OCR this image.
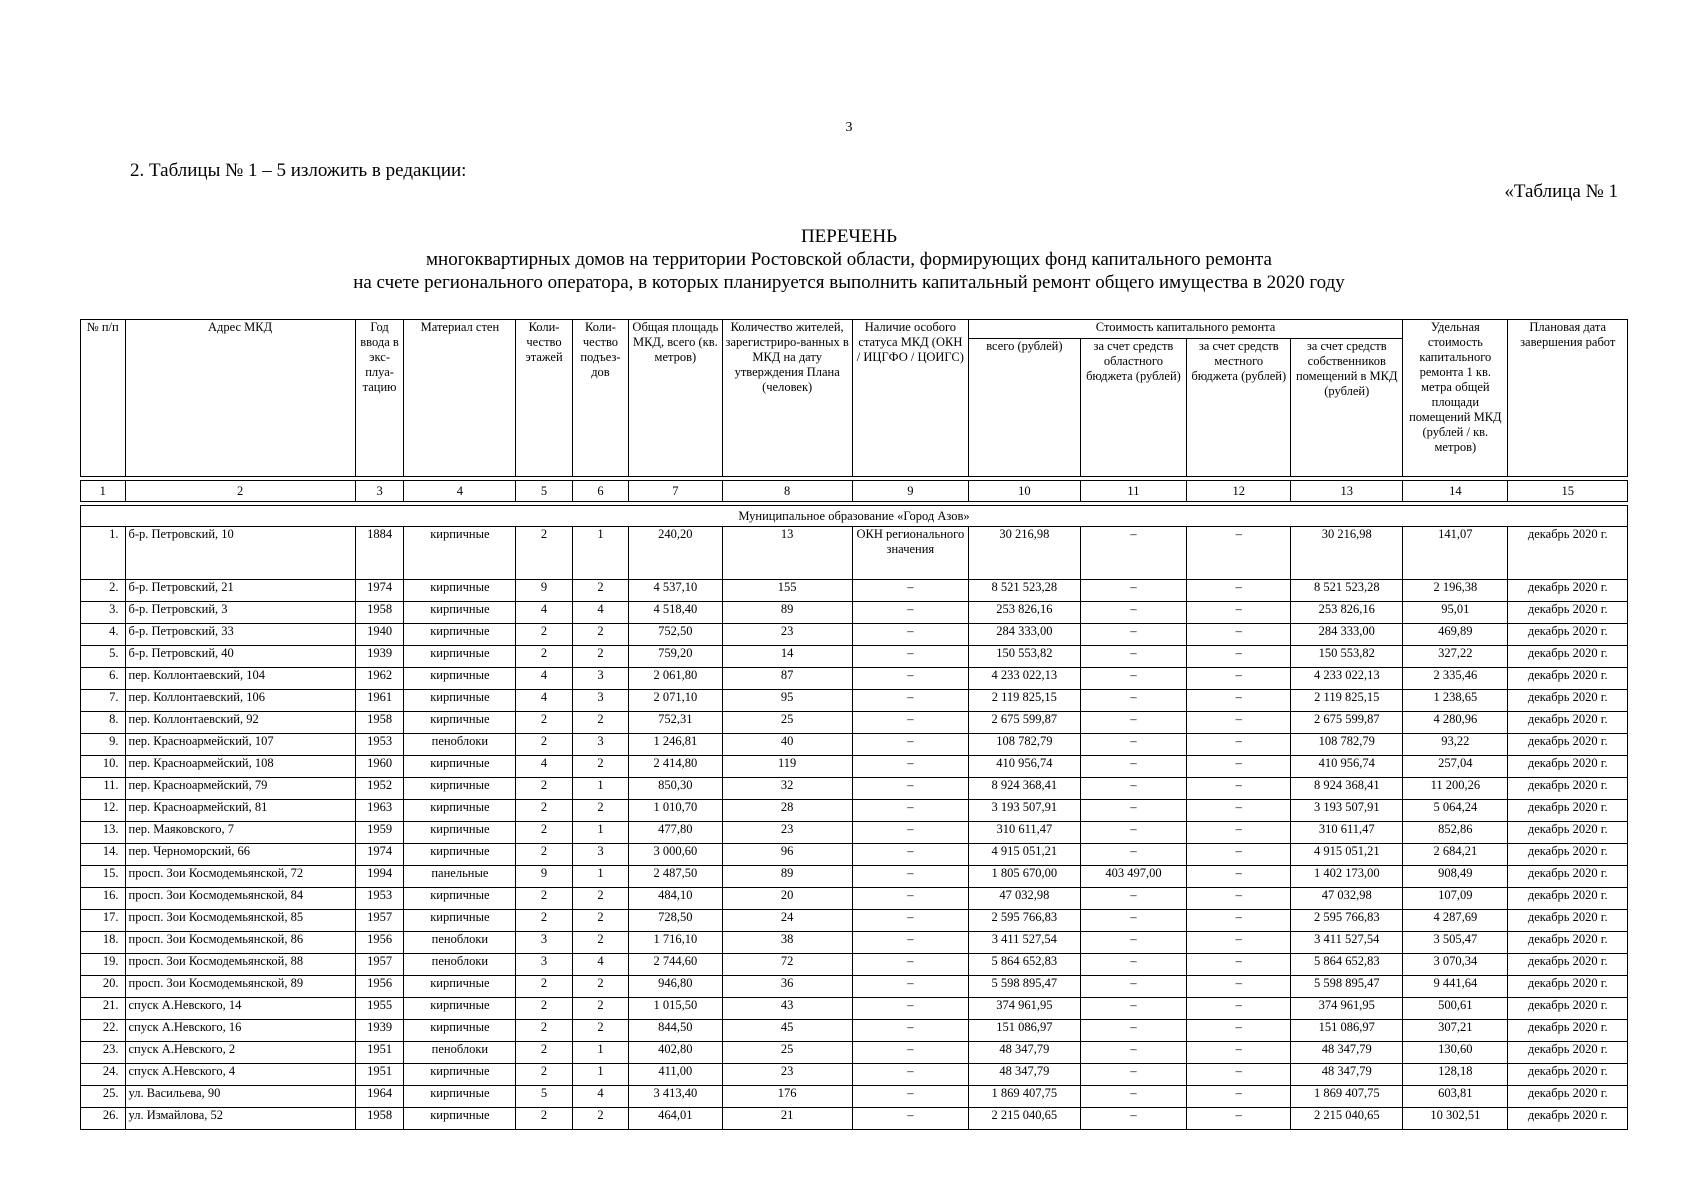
3
2. Таблицы № 1 – 5 изложить в редакции:
«Таблица № 1
ПЕРЕЧЕНЬ
многоквартирных домов на территории Ростовской области, формирующих фонд капитального ремонта
на счете регионального оператора, в которых планируется выполнить капитальный ремонт общего имущества в 2020 году
№ п/п	Адрес МКД	Год ввода в экс-плуа-тацию	Материал стен	Коли-чество этажей	Коли-чество подъез-дов	Общая площадь МКД, всего (кв. метров)	Количество жителей, зарегистриро-ванных в МКД на дату утверждения Плана (человек)	Наличие особого статуса МКД (ОКН / ИЦГФО / ЦОИГС)	Стоимость капитального ремонта				Удельная стоимость капитального ремонта 1 кв. метра общей площади помещений МКД (рублей / кв. метров)	Плановая дата завершения работ
									всего (рублей)	за счет средств областного бюджета (рублей)	за счет средств местного бюджета (рублей)	за счет средств собственников помещений в МКД (рублей)		

1	2	3	4	5	6	7	8	9	10	11	12	13	14	15

Муниципальное образование «Город Азов»														
1.	б-р. Петровский, 10	1884	кирпичные	2	1	240,20	13	ОКН регионального значения	30 216,98	–	–	30 216,98	141,07	декабрь 2020 г.
2.	б-р. Петровский, 21	1974	кирпичные	9	2	4 537,10	155	–	8 521 523,28	–	–	8 521 523,28	2 196,38	декабрь 2020 г.
3.	б-р. Петровский, 3	1958	кирпичные	4	4	4 518,40	89	–	253 826,16	–	–	253 826,16	95,01	декабрь 2020 г.
4.	б-р. Петровский, 33	1940	кирпичные	2	2	752,50	23	–	284 333,00	–	–	284 333,00	469,89	декабрь 2020 г.
5.	б-р. Петровский, 40	1939	кирпичные	2	2	759,20	14	–	150 553,82	–	–	150 553,82	327,22	декабрь 2020 г.
6.	пер. Коллонтаевский, 104	1962	кирпичные	4	3	2 061,80	87	–	4 233 022,13	–	–	4 233 022,13	2 335,46	декабрь 2020 г.
7.	пер. Коллонтаевский, 106	1961	кирпичные	4	3	2 071,10	95	–	2 119 825,15	–	–	2 119 825,15	1 238,65	декабрь 2020 г.
8.	пер. Коллонтаевский, 92	1958	кирпичные	2	2	752,31	25	–	2 675 599,87	–	–	2 675 599,87	4 280,96	декабрь 2020 г.
9.	пер. Красноармейский, 107	1953	пеноблоки	2	3	1 246,81	40	–	108 782,79	–	–	108 782,79	93,22	декабрь 2020 г.
10.	пер. Красноармейский, 108	1960	кирпичные	4	2	2 414,80	119	–	410 956,74	–	–	410 956,74	257,04	декабрь 2020 г.
11.	пер. Красноармейский, 79	1952	кирпичные	2	1	850,30	32	–	8 924 368,41	–	–	8 924 368,41	11 200,26	декабрь 2020 г.
12.	пер. Красноармейский, 81	1963	кирпичные	2	2	1 010,70	28	–	3 193 507,91	–	–	3 193 507,91	5 064,24	декабрь 2020 г.
13.	пер. Маяковского, 7	1959	кирпичные	2	1	477,80	23	–	310 611,47	–	–	310 611,47	852,86	декабрь 2020 г.
14.	пер. Черноморский, 66	1974	кирпичные	2	3	3 000,60	96	–	4 915 051,21	–	–	4 915 051,21	2 684,21	декабрь 2020 г.
15.	просп. Зои Космодемьянской, 72	1994	панельные	9	1	2 487,50	89	–	1 805 670,00	403 497,00	–	1 402 173,00	908,49	декабрь 2020 г.
16.	просп. Зои Космодемьянской, 84	1953	кирпичные	2	2	484,10	20	–	47 032,98	–	–	47 032,98	107,09	декабрь 2020 г.
17.	просп. Зои Космодемьянской, 85	1957	кирпичные	2	2	728,50	24	–	2 595 766,83	–	–	2 595 766,83	4 287,69	декабрь 2020 г.
18.	просп. Зои Космодемьянской, 86	1956	пеноблоки	3	2	1 716,10	38	–	3 411 527,54	–	–	3 411 527,54	3 505,47	декабрь 2020 г.
19.	просп. Зои Космодемьянской, 88	1957	пеноблоки	3	4	2 744,60	72	–	5 864 652,83	–	–	5 864 652,83	3 070,34	декабрь 2020 г.
20.	просп. Зои Космодемьянской, 89	1956	кирпичные	2	2	946,80	36	–	5 598 895,47	–	–	5 598 895,47	9 441,64	декабрь 2020 г.
21.	спуск А.Невского, 14	1955	кирпичные	2	2	1 015,50	43	–	374 961,95	–	–	374 961,95	500,61	декабрь 2020 г.
22.	спуск А.Невского, 16	1939	кирпичные	2	2	844,50	45	–	151 086,97	–	–	151 086,97	307,21	декабрь 2020 г.
23.	спуск А.Невского, 2	1951	пеноблоки	2	1	402,80	25	–	48 347,79	–	–	48 347,79	130,60	декабрь 2020 г.
24.	спуск А.Невского, 4	1951	кирпичные	2	1	411,00	23	–	48 347,79	–	–	48 347,79	128,18	декабрь 2020 г.
25.	ул. Васильева, 90	1964	кирпичные	5	4	3 413,40	176	–	1 869 407,75	–	–	1 869 407,75	603,81	декабрь 2020 г.
26.	ул. Измайлова, 52	1958	кирпичные	2	2	464,01	21	–	2 215 040,65	–	–	2 215 040,65	10 302,51	декабрь 2020 г.
